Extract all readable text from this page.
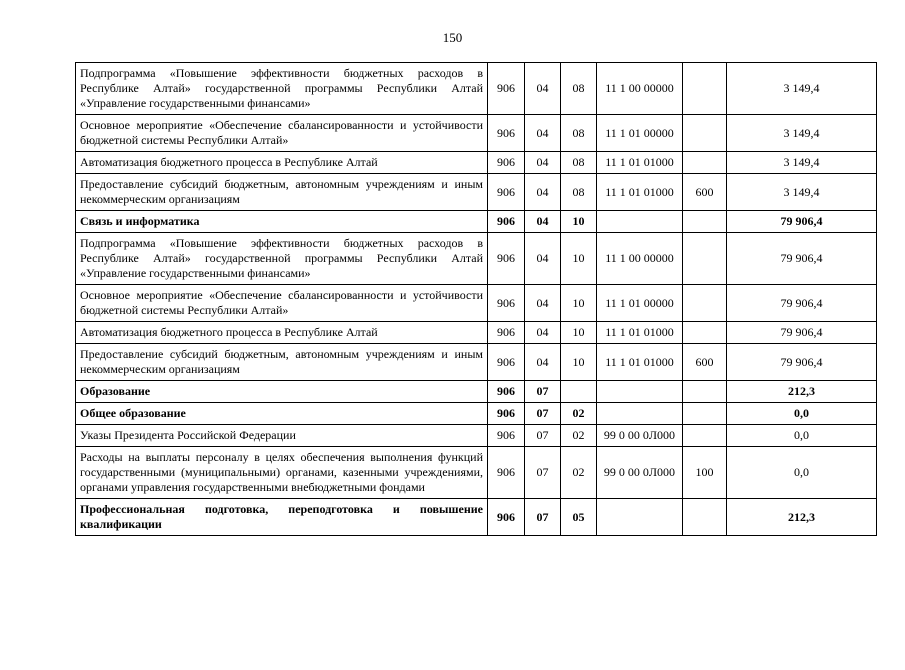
150
Подпрограмма «Повышение эффективности бюджетных расходов в Республике Алтай» государственной программы Республики Алтай «Управление государственными финансами»	906	04	08	11 1 00 00000		3 149,4
Основное мероприятие «Обеспечение сбалансированности и устойчивости бюджетной системы Республики Алтай»	906	04	08	11 1 01 00000		3 149,4
Автоматизация бюджетного процесса в Республике Алтай	906	04	08	11 1 01 01000		3 149,4
Предоставление субсидий бюджетным, автономным учреждениям и иным некоммерческим организациям	906	04	08	11 1 01 01000	600	3 149,4
Связь и информатика	906	04	10			79 906,4
Подпрограмма «Повышение эффективности бюджетных расходов в Республике Алтай» государственной программы Республики Алтай «Управление государственными финансами»	906	04	10	11 1 00 00000		79 906,4
Основное мероприятие «Обеспечение сбалансированности и устойчивости бюджетной системы Республики Алтай»	906	04	10	11 1 01 00000		79 906,4
Автоматизация бюджетного процесса в Республике Алтай	906	04	10	11 1 01 01000		79 906,4
Предоставление субсидий бюджетным, автономным учреждениям и иным некоммерческим организациям	906	04	10	11 1 01 01000	600	79 906,4
Образование	906	07				212,3
Общее образование	906	07	02			0,0
Указы Президента Российской Федерации	906	07	02	99 0 00 0Л000		0,0
Расходы на выплаты персоналу в целях обеспечения выполнения функций государственными (муниципальными) органами, казенными учреждениями, органами управления государственными внебюджетными фондами	906	07	02	99 0 00 0Л000	100	0,0
Профессиональная подготовка, переподготовка и повышение квалификации	906	07	05			212,3
